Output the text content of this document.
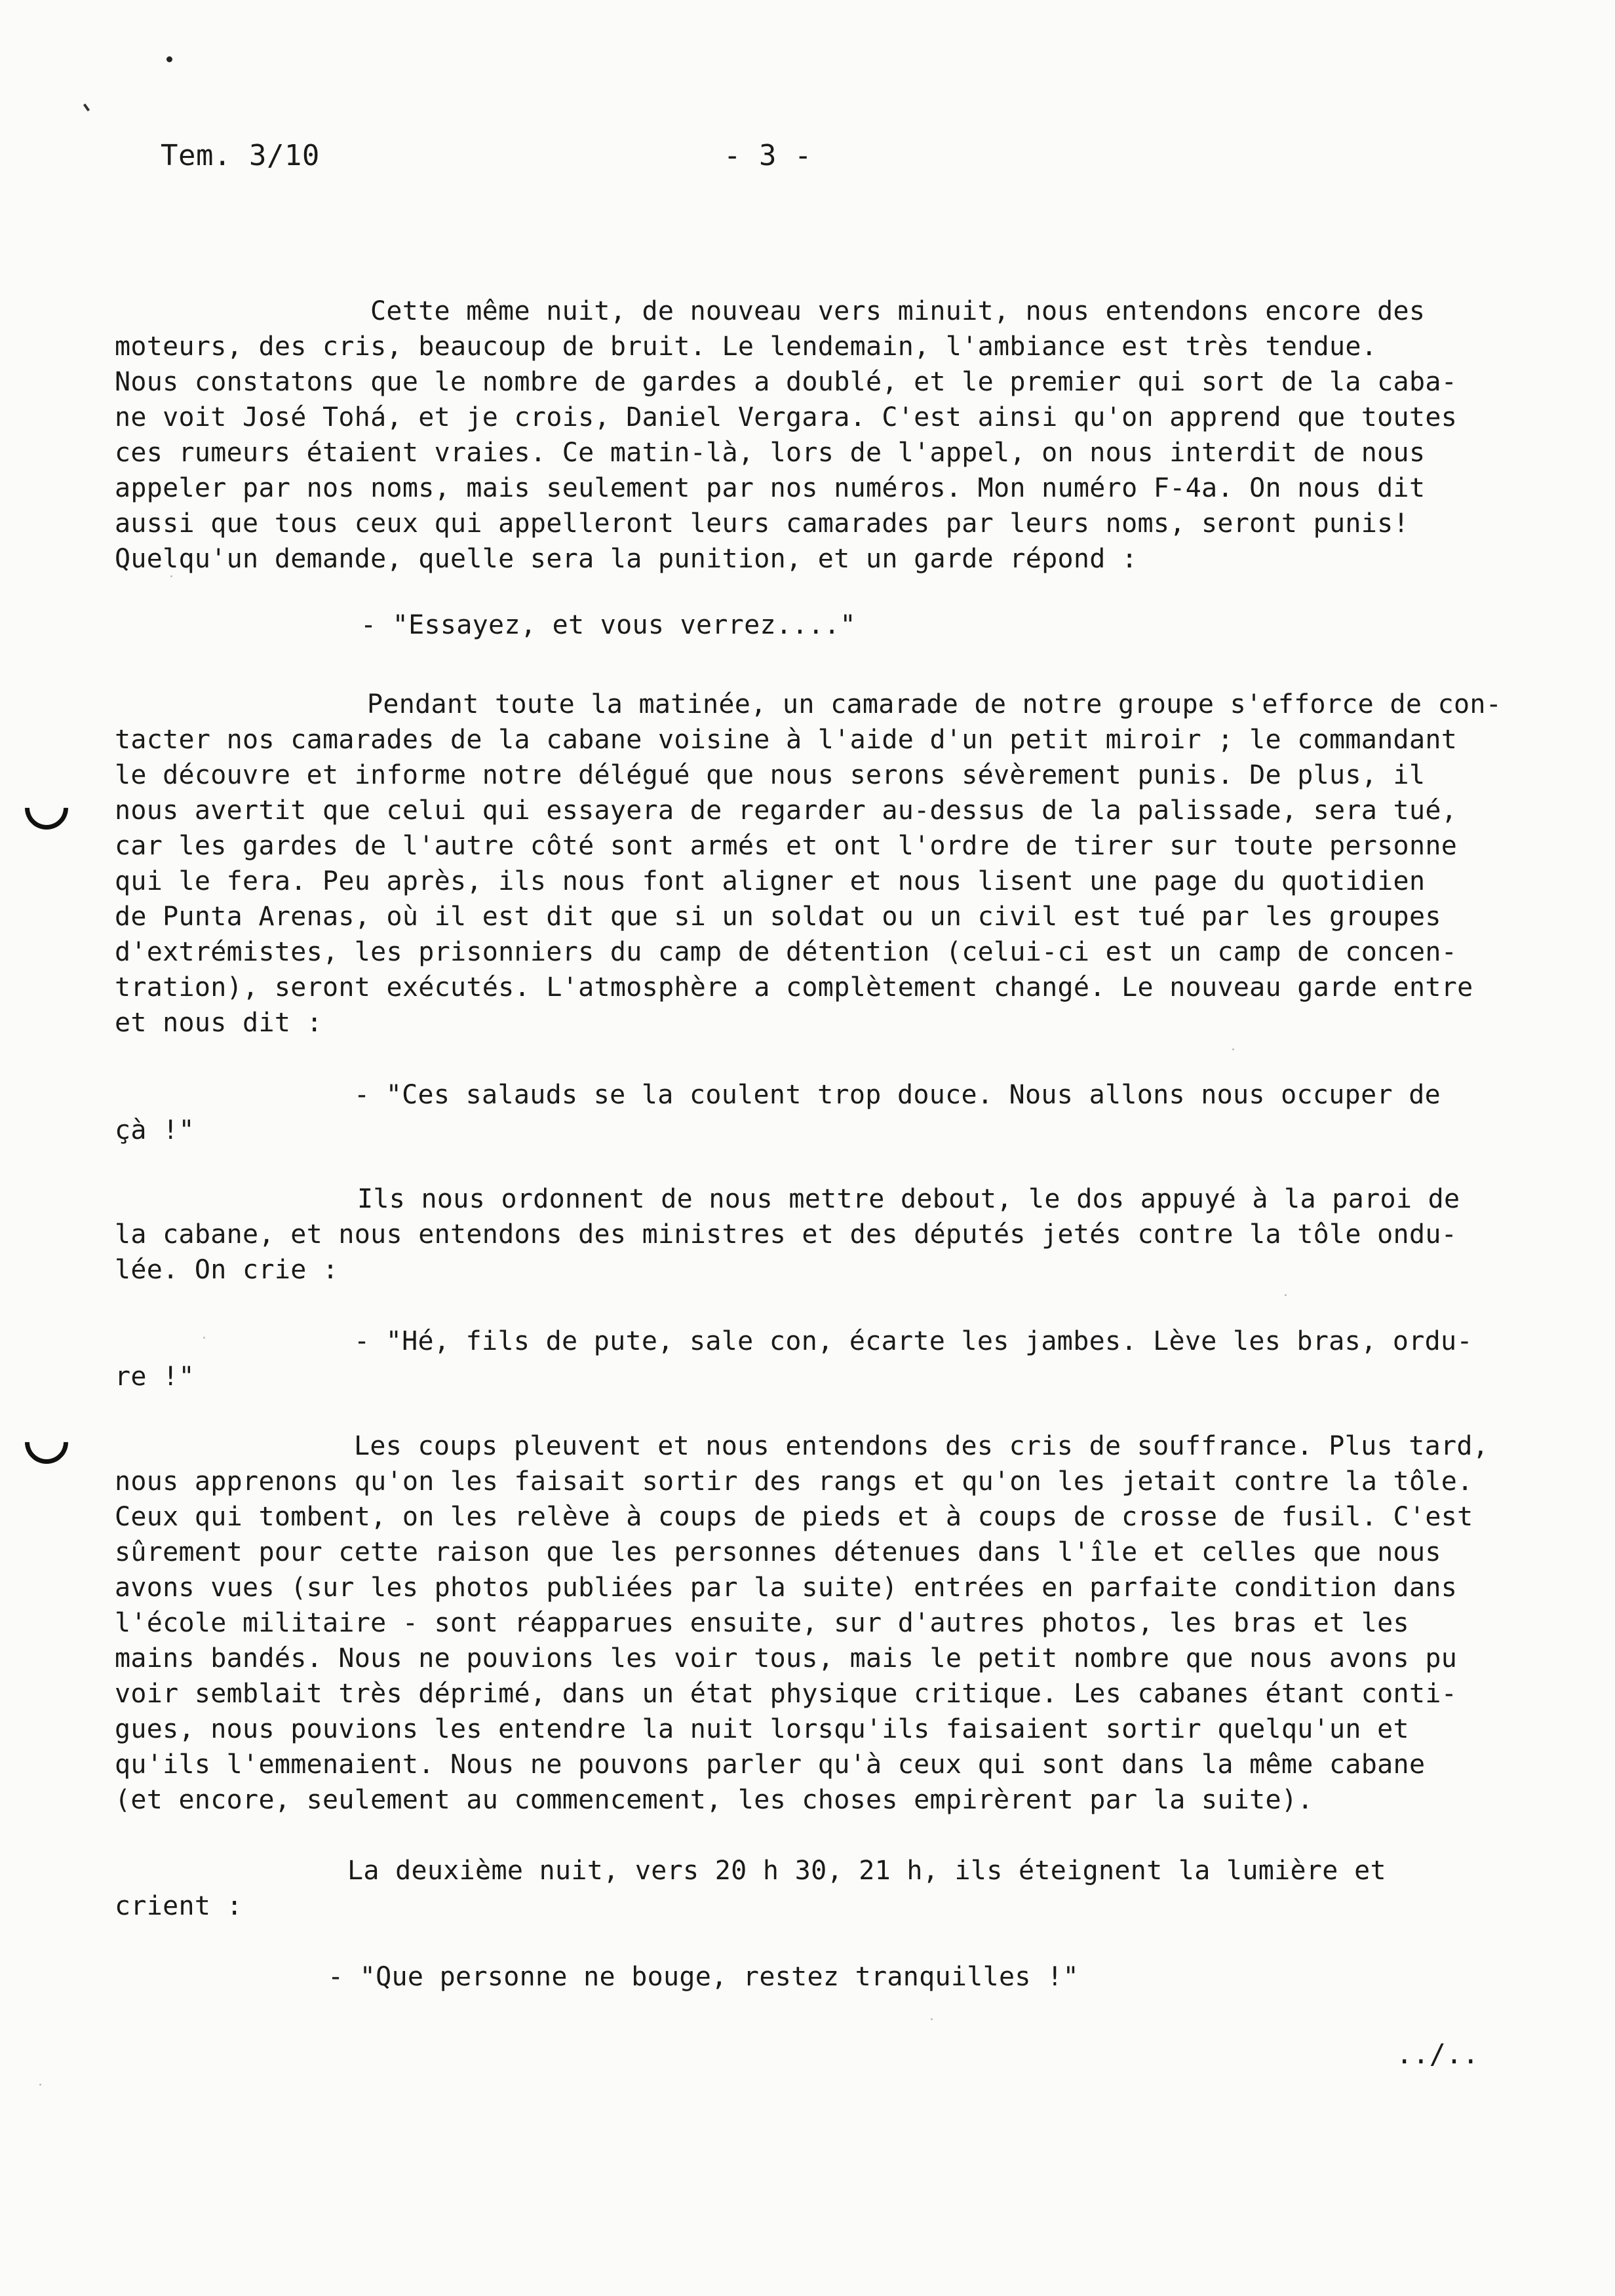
Tem. 3/10	- 3 -
Cette même nuit, de nouveau vers minuit, nous entendons encore des
moteurs, des cris, beaucoup de bruit. Le lendemain, l'ambiance est très tendue.
Nous constatons que le nombre de gardes a doublé, et le premier qui sort de la caba-
ne voit José Tohá, et je crois, Daniel Vergara. C'est ainsi qu'on apprend que toutes
ces rumeurs étaient vraies. Ce matin-là, lors de l'appel, on nous interdit de nous
appeler par nos noms, mais seulement par nos numéros. Mon numéro F-4a. On nous dit
aussi que tous ceux qui appelleront leurs camarades par leurs noms, seront punis!
Quelqu'un demande, quelle sera la punition, et un garde répond :
- "Essayez, et vous verrez...."
Pendant toute la matinée, un camarade de notre groupe s'efforce de con-
tacter nos camarades de la cabane voisine à l'aide d'un petit miroir ; le commandant
le découvre et informe notre délégué que nous serons sévèrement punis. De plus, il
nous avertit que celui qui essayera de regarder au-dessus de la palissade, sera tué,
car les gardes de l'autre côté sont armés et ont l'ordre de tirer sur toute personne
qui le fera. Peu après, ils nous font aligner et nous lisent une page du quotidien
de Punta Arenas, où il est dit que si un soldat ou un civil est tué par les groupes
d'extrémistes, les prisonniers du camp de détention (celui-ci est un camp de concen-
tration), seront exécutés. L'atmosphère a complètement changé. Le nouveau garde entre
et nous dit :
- "Ces salauds se la coulent trop douce. Nous allons nous occuper de
çà !"
Ils nous ordonnent de nous mettre debout, le dos appuyé à la paroi de
la cabane, et nous entendons des ministres et des députés jetés contre la tôle ondu-
lée. On crie :
- "Hé, fils de pute, sale con, écarte les jambes. Lève les bras, ordu-
re !"
Les coups pleuvent et nous entendons des cris de souffrance. Plus tard,
nous apprenons qu'on les faisait sortir des rangs et qu'on les jetait contre la tôle.
Ceux qui tombent, on les relève à coups de pieds et à coups de crosse de fusil. C'est
sûrement pour cette raison que les personnes détenues dans l'île et celles que nous
avons vues (sur les photos publiées par la suite) entrées en parfaite condition dans
l'école militaire - sont réapparues ensuite, sur d'autres photos, les bras et les
mains bandés. Nous ne pouvions les voir tous, mais le petit nombre que nous avons pu
voir semblait très déprimé, dans un état physique critique. Les cabanes étant conti-
gues, nous pouvions les entendre la nuit lorsqu'ils faisaient sortir quelqu'un et
qu'ils l'emmenaient. Nous ne pouvons parler qu'à ceux qui sont dans la même cabane
(et encore, seulement au commencement, les choses empirèrent par la suite).
La deuxième nuit, vers 20 h 30, 21 h, ils éteignent la lumière et
crient :
- "Que personne ne bouge, restez tranquilles !"
../..
